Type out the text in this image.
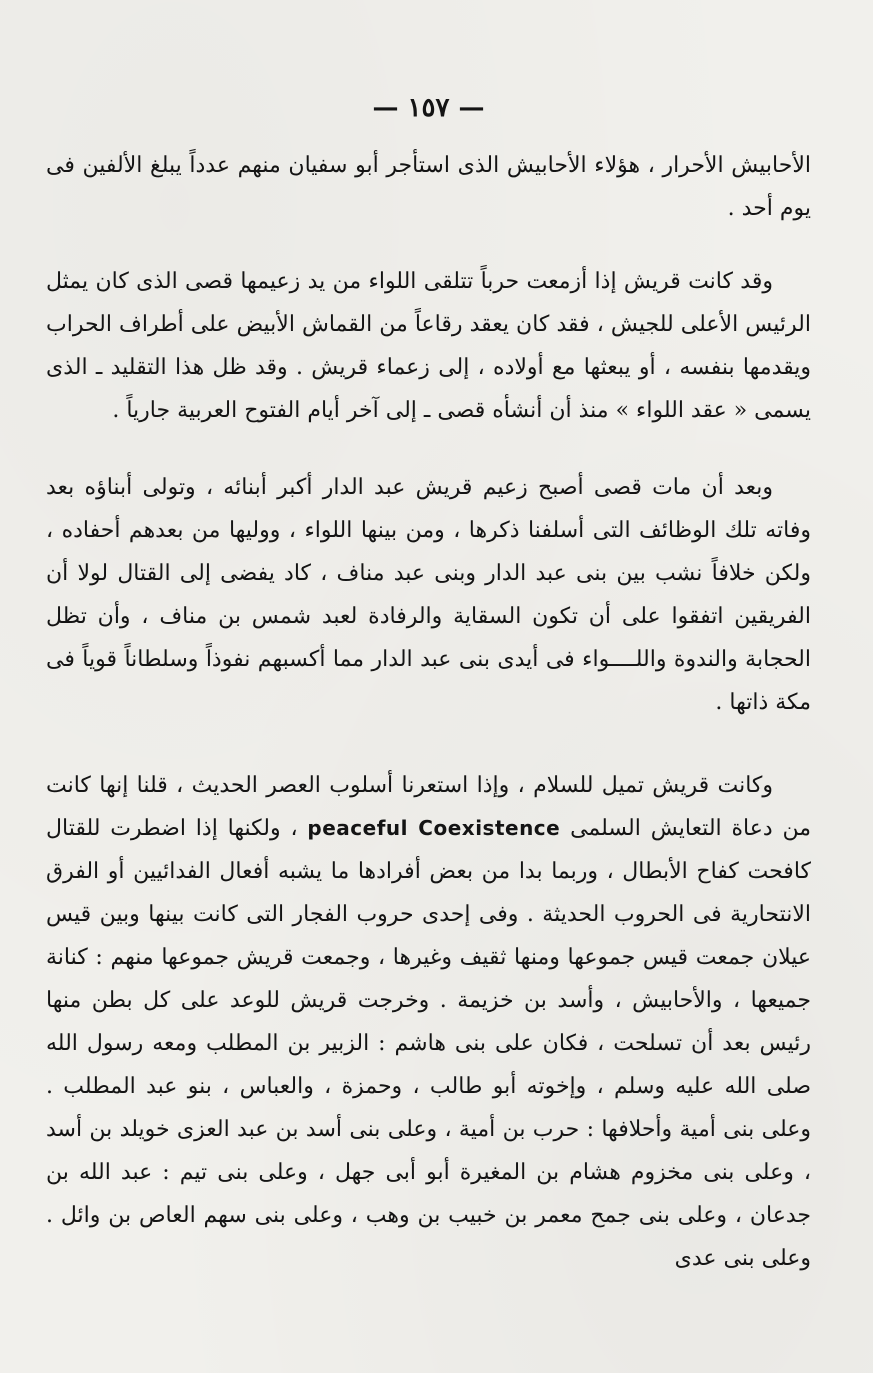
— ١٥٧ —

الأحابيش الأحرار ، هؤلاء الأحابيش الذى استأجر أبو سفيان منهم عدداً يبلغ الألفين فى يوم أحد .

وقد كانت قريش إذا أزمعت حرباً تتلقى اللواء من يد زعيمها قصى الذى كان يمثل الرئيس الأعلى للجيش ، فقد كان يعقد رقاعاً من القماش الأبيض على أطراف الحراب ويقدمها بنفسه ، أو يبعثها مع أولاده ، إلى زعماء قريش . وقد ظل هذا التقليد ـ الذى يسمى « عقد اللواء » منذ أن أنشأه قصى ـ إلى آخر أيام الفتوح العربية جارياً .

وبعد أن مات قصى أصبح زعيم قريش عبد الدار أكبر أبنائه ، وتولى أبناؤه بعد وفاته تلك الوظائف التى أسلفنا ذكرها ، ومن بينها اللواء ، ووليها من بعدهم أحفاده ، ولكن خلافاً نشب بين بنى عبد الدار وبنى عبد مناف ، كاد يفضى إلى القتال لولا أن الفريقين اتفقوا على أن تكون السقاية والرفادة لعبد شمس بن مناف ، وأن تظل الحجابة والندوة واللــــواء فى أيدى بنى عبد الدار مما أكسبهم نفوذاً وسلطاناً قوياً فى مكة ذاتها .

وكانت قريش تميل للسلام ، وإذا استعرنا أسلوب العصر الحديث ، قلنا إنها كانت من دعاة التعايش السلمى peaceful Coexistence ، ولكنها إذا اضطرت للقتال كافحت كفاح الأبطال ، وربما بدا من بعض أفرادها ما يشبه أفعال الفدائيين أو الفرق الانتحارية فى الحروب الحديثة . وفى إحدى حروب الفجار التى كانت بينها وبين قيس عيلان جمعت قيس جموعها ومنها ثقيف وغيرها ، وجمعت قريش جموعها منهم : كنانة جميعها ، والأحابيش ، وأسد بن خزيمة . وخرجت قريش للوعد على كل بطن منها رئيس بعد أن تسلحت ، فكان على بنى هاشم : الزبير بن المطلب ومعه رسول الله صلى الله عليه وسلم ، وإخوته أبو طالب ، وحمزة ، والعباس ، بنو عبد المطلب . وعلى بنى أمية وأحلافها : حرب بن أمية ، وعلى بنى أسد بن عبد العزى خويلد بن أسد ، وعلى بنى مخزوم هشام بن المغيرة أبو أبى جهل ، وعلى بنى تيم : عبد الله بن جدعان ، وعلى بنى جمح معمر بن خبيب بن وهب ، وعلى بنى سهم العاص بن وائل . وعلى بنى عدى
